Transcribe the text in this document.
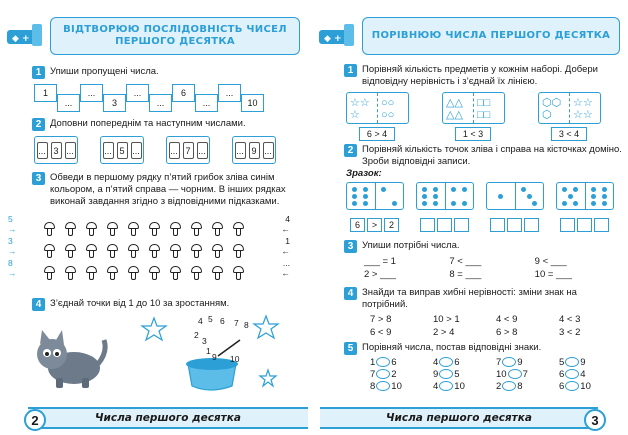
◆ +
ВІДТВОРЮЮ ПОСЛІДОВНІСТЬ ЧИСЕЛ ПЕРШОГО ДЕСЯТКА
1 Упиши пропущені числа.
1
...
...
3
...
...
6
...
...
10
2 Доповни попереднім та наступним числами.
... 3 ...	... 5 ...	... 7 ...	... 9 ...
3 Обведи в першому рядку п’ятий грибок зліва синім кольором, а п’ятий справа — чорним. В інших рядках виконай завдання згідно з відповідними підказками.
5
→
4
←
3
→
1
←
8
→
...
←
4 З’єднай точки від 1 до 10 за зростанням.
4 5 6 7 8
2
3
1
9 10
Числа першого десятка
2
◆ +	ПОРІВНЮЮ ЧИСЛА ПЕРШОГО ДЕСЯТКА
1 Порівняй кількість предметів у кожнім наборі. Добери відповідну нерівність і з’єднай їх лінією.
☆☆
☆
○○
○○
6 > 4
△△
△△
□□
□□
1 < 3
⬡⬡
⬡
☆☆
☆☆
3 < 4
2 Порівняй кількість точок зліва і справа на кісточках доміно. Зроби відповідні записи.
Зразок:
6	>	2
3 Упиши потрібні числа.
___ = 1	7 < ___	9 < ___
2 > ___	8 = ___	10 = ___
4 Знайди та виправ хибні нерівності: зміни знак на потрібний.
7 > 8	10 > 1	4 < 9	4 < 3
6 < 9	2 > 4	6 > 8	3 < 2
5 Порівняй числа, постав відповідні знаки.
1 6	4 6	7 9	5 9
7 2	9 5	10 7	6 4
8 10	4 10	2 8	6 10
Числа першого десятка	3
